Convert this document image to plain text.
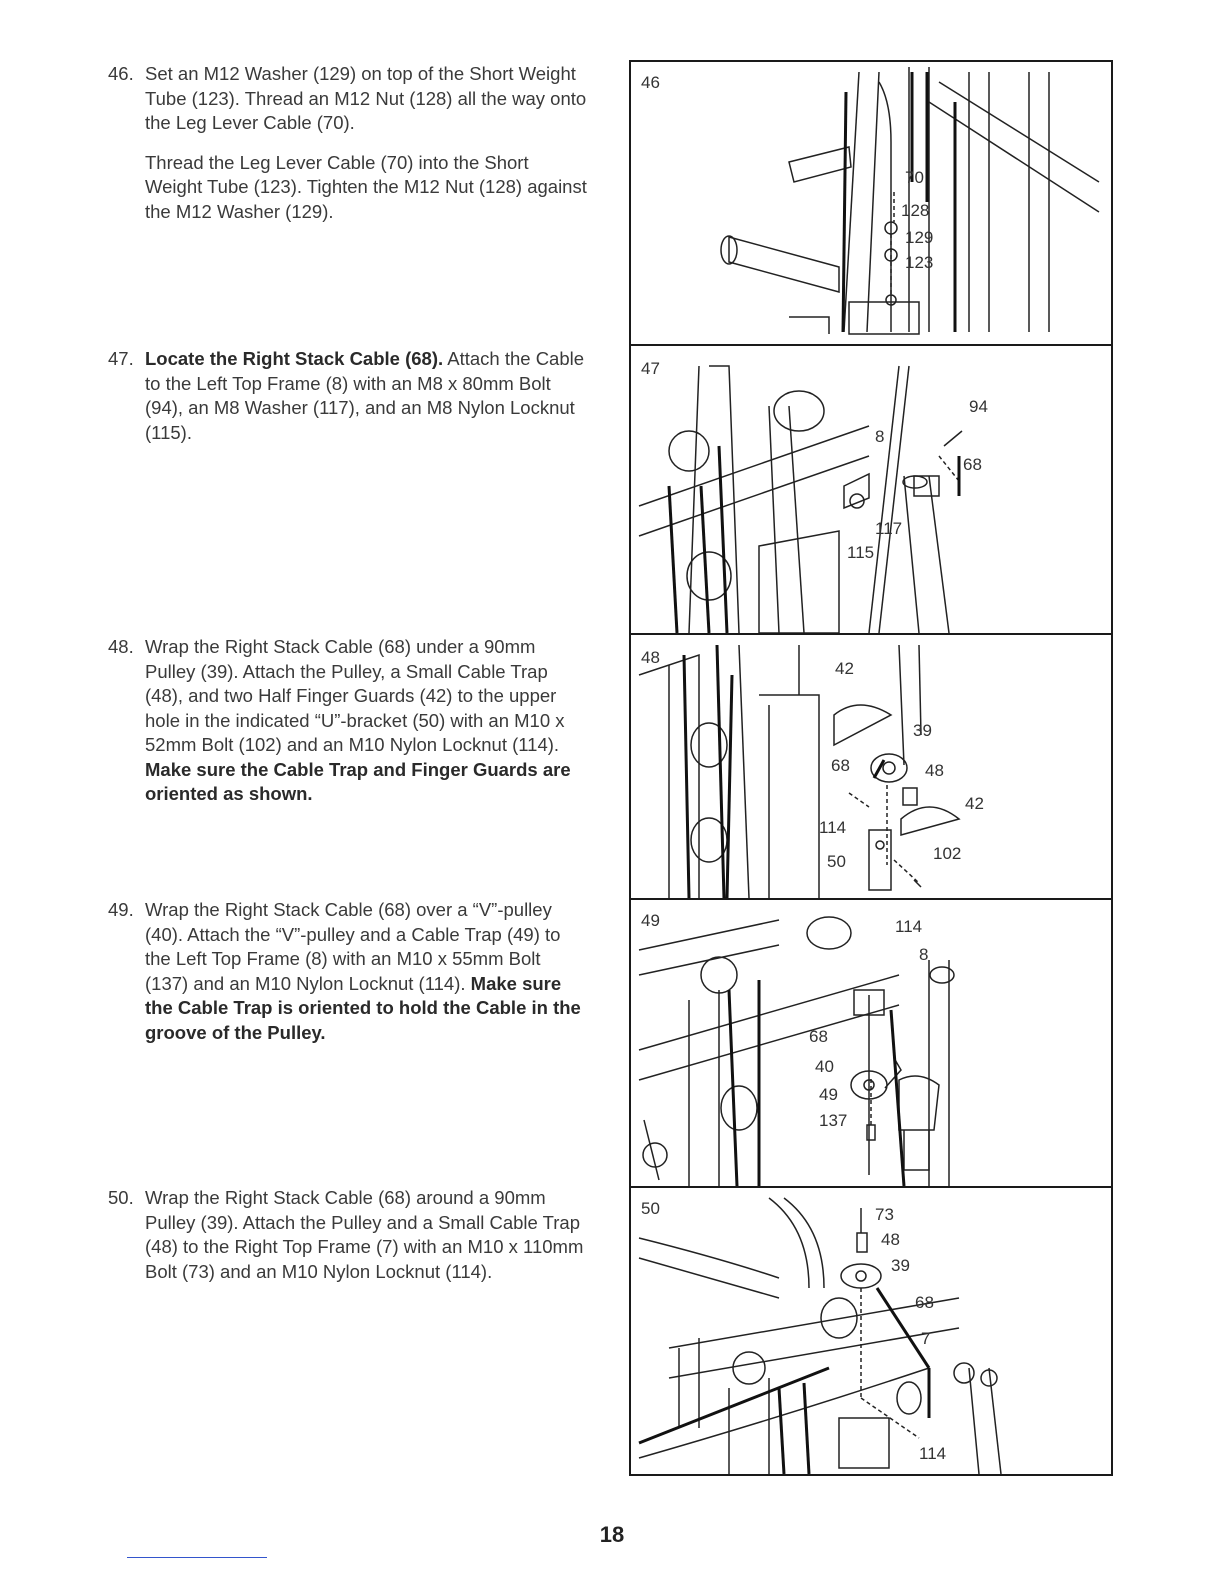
46. Set an M12 Washer (129) on top of the Short Weight Tube (123). Thread an M12 Nut (128) all the way onto the Leg Lever Cable (70).

Thread the Leg Lever Cable (70) into the Short Weight Tube (123). Tighten the M12 Nut (128) against the M12 Washer (129).

47. Locate the Right Stack Cable (68). Attach the Cable to the Left Top Frame (8) with an M8 x 80mm Bolt (94), an M8 Washer (117), and an M8 Nylon Locknut (115).

48. Wrap the Right Stack Cable (68) under a 90mm Pulley (39). Attach the Pulley, a Small Cable Trap (48), and two Half Finger Guards (42) to the upper hole in the indicated “U”-bracket (50) with an M10 x 52mm Bolt (102) and an M10 Nylon Locknut (114). Make sure the Cable Trap and Finger Guards are oriented as shown.

49. Wrap the Right Stack Cable (68) over a “V”-pulley (40). Attach the “V”-pulley and a Cable Trap (49) to the Left Top Frame (8) with an M10 x 55mm Bolt (137) and an M10 Nylon Locknut (114). Make sure the Cable Trap is oriented to hold the Cable in the groove of the Pulley.

50. Wrap the Right Stack Cable (68) around a 90mm Pulley (39). Attach the Pulley and a Small Cable Trap (48) to the Right Top Frame (7) with an M10 x 110mm Bolt (73) and an M10 Nylon Locknut (114).

46
70
128
129
123
47
94
8
68
117
115
48
42
39
68	48
42
114
102
50
49	114
8
68
40
49
137
50	73
48
39
68
7
114
18
